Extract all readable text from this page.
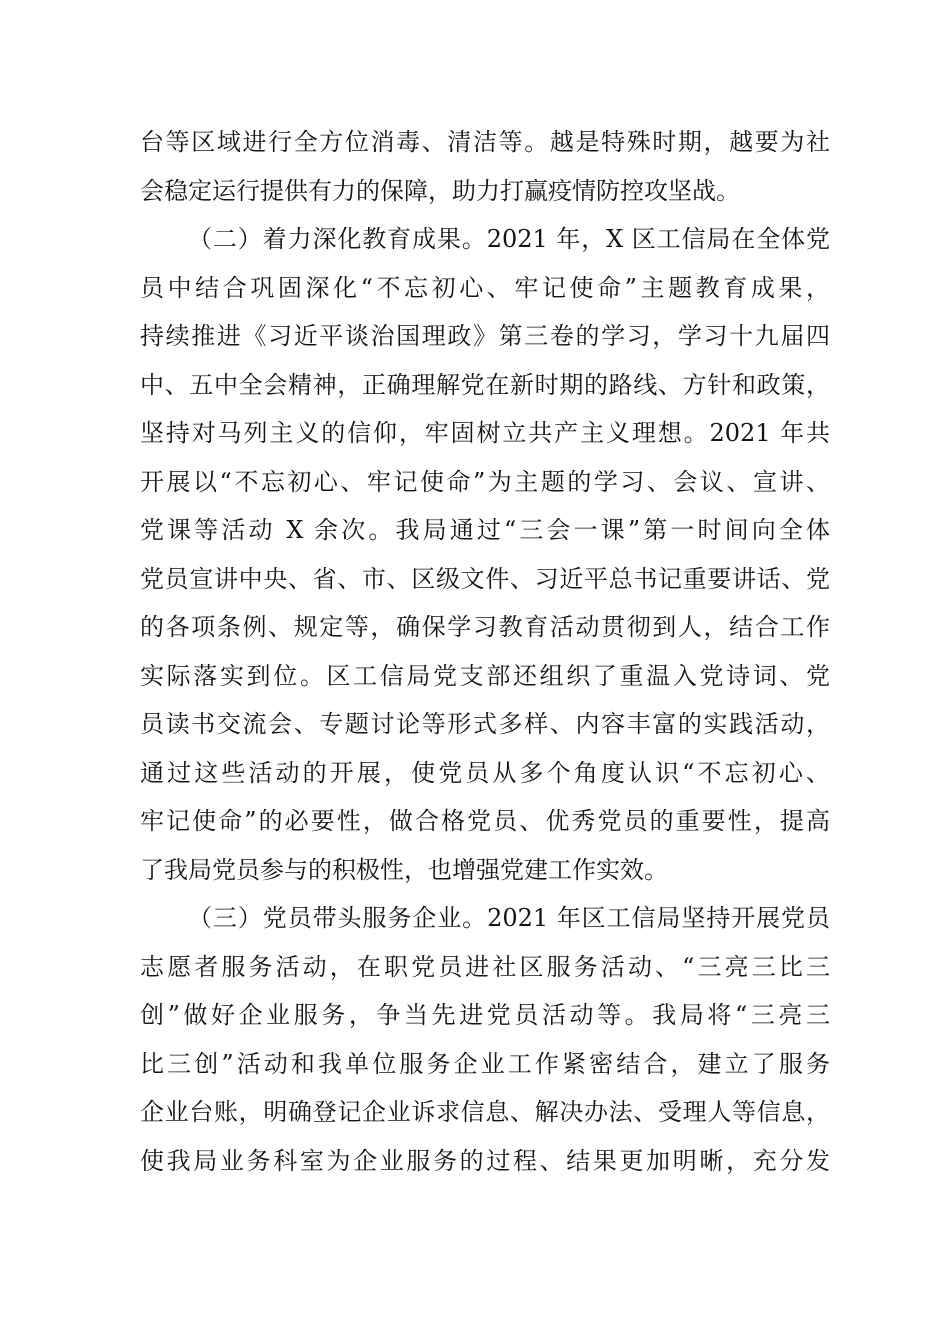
台等区域进行全方位消毒、清洁等。越是特殊时期，越要为社
会稳定运行提供有力的保障，助力打赢疫情防控攻坚战。
（二）着力深化教育成果。2021 年，X 区工信局在全体党
员中结合巩固深化“不忘初心、牢记使命”主题教育成果，
持续推进《习近平谈治国理政》第三卷的学习，学习十九届四
中、五中全会精神，正确理解党在新时期的路线、方针和政策，
坚持对马列主义的信仰，牢固树立共产主义理想。2021 年共
开展以“不忘初心、牢记使命”为主题的学习、会议、宣讲、
党课等活动 X 余次。我局通过“三会一课”第一时间向全体
党员宣讲中央、省、市、区级文件、习近平总书记重要讲话、党
的各项条例、规定等，确保学习教育活动贯彻到人，结合工作
实际落实到位。区工信局党支部还组织了重温入党诗词、党
员读书交流会、专题讨论等形式多样、内容丰富的实践活动，
通过这些活动的开展，使党员从多个角度认识“不忘初心、
牢记使命”的必要性，做合格党员、优秀党员的重要性，提高
了我局党员参与的积极性，也增强党建工作实效。
（三）党员带头服务企业。2021 年区工信局坚持开展党员
志愿者服务活动，在职党员进社区服务活动、“三亮三比三
创”做好企业服务，争当先进党员活动等。我局将“三亮三
比三创”活动和我单位服务企业工作紧密结合，建立了服务
企业台账，明确登记企业诉求信息、解决办法、受理人等信息，
使我局业务科室为企业服务的过程、结果更加明晰，充分发
